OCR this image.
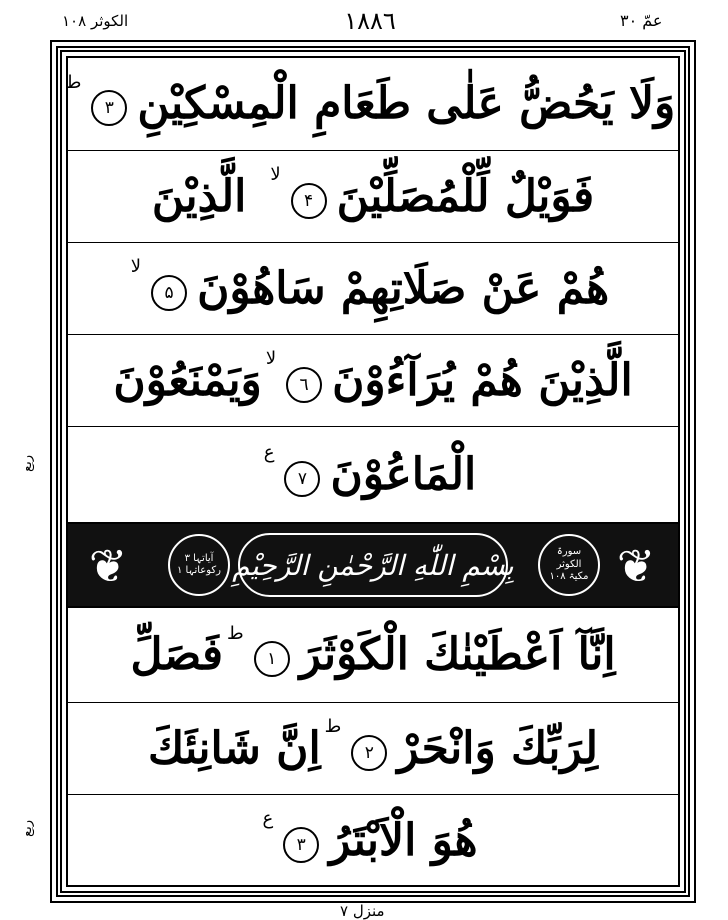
الکوثر ۱۰۸	۱۸۸٦	عمّ ۳۰
وَلَا يَحُضُّ عَلٰى طَعَامِ الْمِسْكِيْنِ
۳
ط
فَوَيْلٌ لِّلْمُصَلِّيْنَ
۴
لا
الَّذِيْنَ
هُمْ عَنْ صَلَاتِهِمْ سَاهُوْنَ
۵
لا
الَّذِيْنَ هُمْ يُرَآءُوْنَ
٦
لا
وَيَمْنَعُوْنَ
الْمَاعُوْنَ
۷
ع
❦
سورۃ
الکوثر
مکیۃ ۱۰۸
بِسْمِ اللّٰهِ الرَّحْمٰنِ الرَّحِيْمِ
آیاتہا ۳
رکوعاتہا ۱
❦
اِنَّآ اَعْطَيْنٰكَ الْكَوْثَرَ
۱
ط
فَصَلِّ
لِرَبِّكَ وَانْحَرْ
۲
ط
اِنَّ شَانِئَكَ
هُوَ الْاَبْتَرُ
۳
ع
ربع
ربع
منزل ۷
